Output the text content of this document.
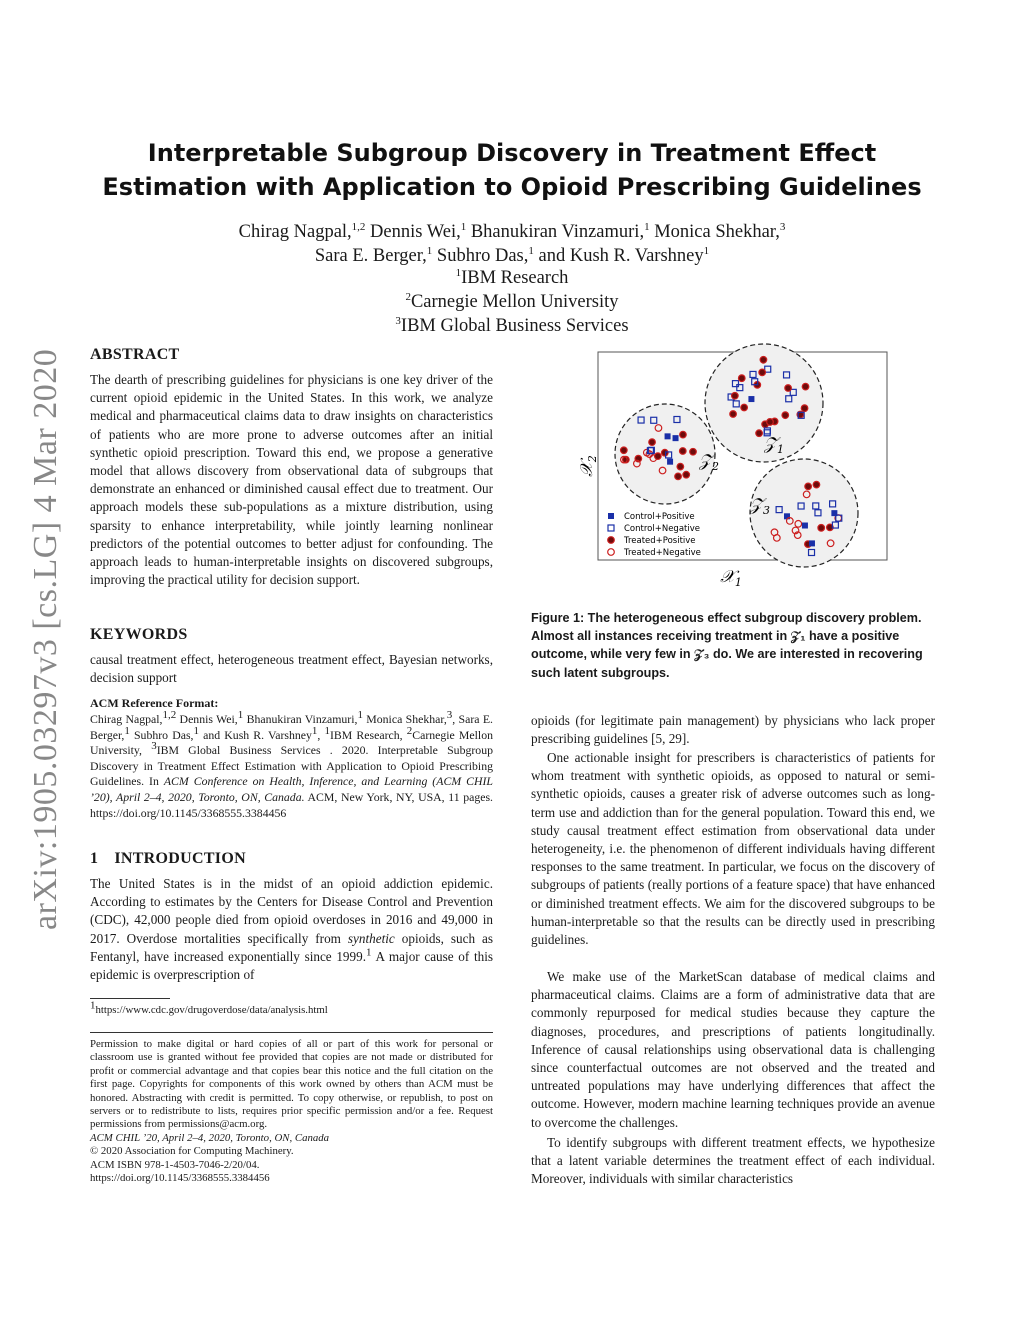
arXiv:1905.03297v3 [cs.LG] 4 Mar 2020
Interpretable Subgroup Discovery in Treatment Effect
Estimation with Application to Opioid Prescribing Guidelines
Chirag Nagpal,$^{1,2}$ Dennis Wei,$^1$ Bhanukiran Vinzamuri,$^1$ Monica Shekhar,$^3$
Sara E. Berger,$^1$ Subhro Das,$^1$ and Kush R. Varshney$^1$
$^1$IBM Research
$^2$Carnegie Mellon University
$^3$IBM Global Business Services
ABSTRACT
The dearth of prescribing guidelines for physicians is one key driver of the current opioid epidemic in the United States. In this work, we analyze medical and pharmaceutical claims data to draw insights on characteristics of patients who are more prone to adverse outcomes after an initial synthetic opioid prescription. Toward this end, we propose a generative model that allows discovery from observational data of subgroups that demonstrate an enhanced or diminished causal effect due to treatment. Our approach models these sub-populations as a mixture distribution, using sparsity to enhance interpretability, while jointly learning nonlinear predictors of the potential outcomes to better adjust for confounding. The approach leads to human-interpretable insights on discovered subgroups, improving the practical utility for decision support.
KEYWORDS
causal treatment effect, heterogeneous treatment effect, Bayesian networks, decision support
ACM Reference Format:
Chirag Nagpal,$^{1,2}$ Dennis Wei,$^1$ Bhanukiran Vinzamuri,$^1$ Monica Shekhar,$^3$, Sara E. Berger,$^1$ Subhro Das,$^1$ and Kush R. Varshney$^1$, $^1$IBM Research, $^2$Carnegie Mellon University, $^3$IBM Global Business Services . 2020. Interpretable Subgroup Discovery in Treatment Effect Estimation with Application to Opioid Prescribing Guidelines. In ACM Conference on Health, Inference, and Learning (ACM CHIL ’20), April 2–4, 2020, Toronto, ON, Canada. ACM, New York, NY, USA, 11 pages. https://doi.org/10.1145/3368555.3384456
1 INTRODUCTION
The United States is in the midst of an opioid addiction epidemic. According to estimates by the Centers for Disease Control and Prevention (CDC), 42,000 people died from opioid overdoses in 2016 and 49,000 in 2017. Overdose mortalities specifically from synthetic opioids, such as Fentanyl, have increased exponentially since 1999.$^1$ A major cause of this epidemic is overprescription of
$^1$https://www.cdc.gov/drugoverdose/data/analysis.html
Permission to make digital or hard copies of all or part of this work for personal or classroom use is granted without fee provided that copies are not made or distributed for profit or commercial advantage and that copies bear this notice and the full citation on the first page. Copyrights for components of this work owned by others than ACM must be honored. Abstracting with credit is permitted. To copy otherwise, or republish, to post on servers or to redistribute to lists, requires prior specific permission and/or a fee. Request permissions from permissions@acm.org.
ACM CHIL ’20, April 2–4, 2020, Toronto, ON, Canada
© 2020 Association for Computing Machinery.
ACM ISBN 978-1-4503-7046-2/20/04.
https://doi.org/10.1145/3368555.3384456
𝒵$_1$
𝒵$_2$
𝒵$_3$
Control+Positive
Control+Negative
Treated+Positive
Treated+Negative
𝒳$_1$
𝒳$_2$
Figure 1: The heterogeneous effect subgroup discovery problem. Almost all instances receiving treatment in 𝒵₁ have a positive outcome, while very few in 𝒵₃ do. We are interested in recovering such latent subgroups.
opioids (for legitimate pain management) by physicians who lack proper prescribing guidelines [5, 29].
One actionable insight for prescribers is characteristics of patients for whom treatment with synthetic opioids, as opposed to natural or semi-synthetic opioids, causes a greater risk of adverse outcomes such as long-term use and addiction than for the general population. Toward this end, we study causal treatment effect estimation from observational data under heterogeneity, i.e. the phenomenon of different individuals having different responses to the same treatment. In particular, we focus on the discovery of subgroups of patients (really portions of a feature space) that have enhanced or diminished treatment effects. We aim for the discovered subgroups to be human-interpretable so that the results can be directly used in prescribing guidelines.
We make use of the MarketScan database of medical claims and pharmaceutical claims. Claims are a form of administrative data that are commonly repurposed for medical studies because they capture the diagnoses, procedures, and prescriptions of patients longitudinally. Inference of causal relationships using observational data is challenging since counterfactual outcomes are not observed and the treated and untreated populations may have underlying differences that affect the outcome. However, modern machine learning techniques provide an avenue to overcome the challenges.
To identify subgroups with different treatment effects, we hypothesize that a latent variable determines the treatment effect of each individual. Moreover, individuals with similar characteristics
